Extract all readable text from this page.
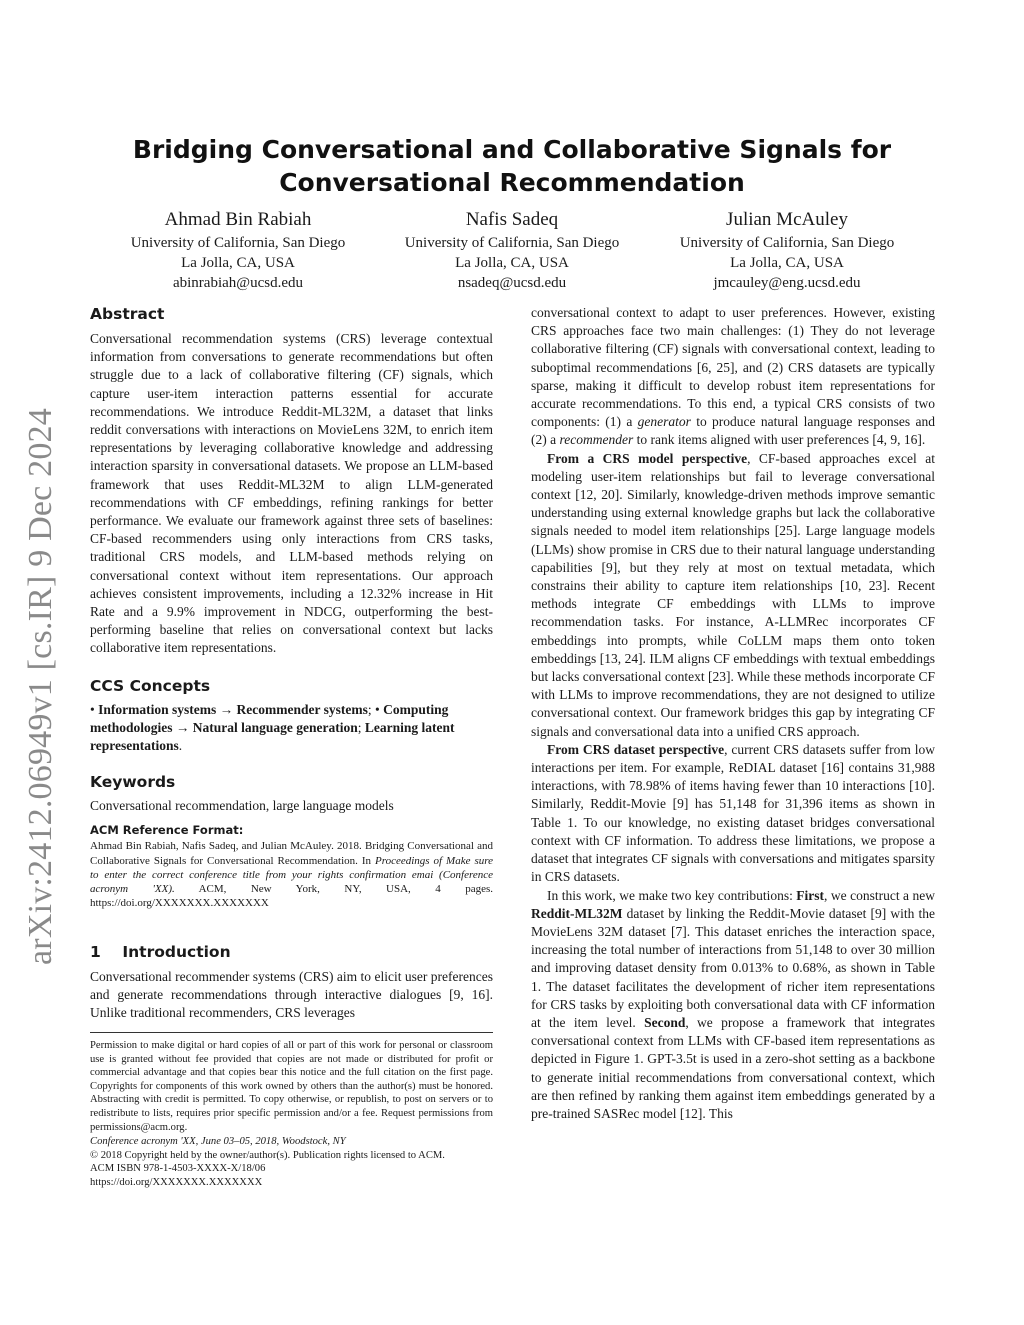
arXiv:2412.06949v1 [cs.IR] 9 Dec 2024
Bridging Conversational and Collaborative Signals for
Conversational Recommendation
Ahmad Bin Rabiah
University of California, San Diego
La Jolla, CA, USA
abinrabiah@ucsd.edu
Nafis Sadeq
University of California, San Diego
La Jolla, CA, USA
nsadeq@ucsd.edu
Julian McAuley
University of California, San Diego
La Jolla, CA, USA
jmcauley@eng.ucsd.edu
Abstract

Conversational recommendation systems (CRS) leverage contextual information from conversations to generate recommendations but often struggle due to a lack of collaborative filtering (CF) signals, which capture user-item interaction patterns essential for accurate recommendations. We introduce Reddit-ML32M, a dataset that links reddit conversations with interactions on MovieLens 32M, to enrich item representations by leveraging collaborative knowledge and addressing interaction sparsity in conversational datasets. We propose an LLM-based framework that uses Reddit-ML32M to align LLM-generated recommendations with CF embeddings, refining rankings for better performance. We evaluate our framework against three sets of baselines: CF-based recommenders using only interactions from CRS tasks, traditional CRS models, and LLM-based methods relying on conversational context without item representations. Our approach achieves consistent improvements, including a 12.32% increase in Hit Rate and a 9.9% improvement in NDCG, outperforming the best-performing baseline that relies on conversational context but lacks collaborative item representations.

CCS Concepts

• Information systems → Recommender systems; • Computing methodologies → Natural language generation; Learning latent representations.

Keywords

Conversational recommendation, large language models

ACM Reference Format:

Ahmad Bin Rabiah, Nafis Sadeq, and Julian McAuley. 2018. Bridging Conversational and Collaborative Signals for Conversational Recommendation. In Proceedings of Make sure to enter the correct conference title from your rights confirmation emai (Conference acronym 'XX). ACM, New York, NY, USA, 4 pages. https://doi.org/XXXXXXX.XXXXXXX

1    Introduction

Conversational recommender systems (CRS) aim to elicit user preferences and generate recommendations through interactive dialogues [9, 16]. Unlike traditional recommenders, CRS leverages

Permission to make digital or hard copies of all or part of this work for personal or classroom use is granted without fee provided that copies are not made or distributed for profit or commercial advantage and that copies bear this notice and the full citation on the first page. Copyrights for components of this work owned by others than the author(s) must be honored. Abstracting with credit is permitted. To copy otherwise, or republish, to post on servers or to redistribute to lists, requires prior specific permission and/or a fee. Request permissions from permissions@acm.org.

Conference acronym 'XX, June 03–05, 2018, Woodstock, NY

© 2018 Copyright held by the owner/author(s). Publication rights licensed to ACM.

ACM ISBN 978-1-4503-XXXX-X/18/06

https://doi.org/XXXXXXX.XXXXXXX

conversational context to adapt to user preferences. However, existing CRS approaches face two main challenges: (1) They do not leverage collaborative filtering (CF) signals with conversational context, leading to suboptimal recommendations [6, 25], and (2) CRS datasets are typically sparse, making it difficult to develop robust item representations for accurate recommendations. To this end, a typical CRS consists of two components: (1) a generator to produce natural language responses and (2) a recommender to rank items aligned with user preferences [4, 9, 16].

From a CRS model perspective, CF-based approaches excel at modeling user-item relationships but fail to leverage conversational context [12, 20]. Similarly, knowledge-driven methods improve semantic understanding using external knowledge graphs but lack the collaborative signals needed to model item relationships [25]. Large language models (LLMs) show promise in CRS due to their natural language understanding capabilities [9], but they rely at most on textual metadata, which constrains their ability to capture item relationships [10, 23]. Recent methods integrate CF embeddings with LLMs to improve recommendation tasks. For instance, A-LLMRec incorporates CF embeddings into prompts, while CoLLM maps them onto token embeddings [13, 24]. ILM aligns CF embeddings with textual embeddings but lacks conversational context [23]. While these methods incorporate CF with LLMs to improve recommendations, they are not designed to utilize conversational context. Our framework bridges this gap by integrating CF signals and conversational data into a unified CRS approach.

From CRS dataset perspective, current CRS datasets suffer from low interactions per item. For example, ReDIAL dataset [16] contains 31,988 interactions, with 78.98% of items having fewer than 10 interactions [10]. Similarly, Reddit-Movie [9] has 51,148 for 31,396 items as shown in Table 1. To our knowledge, no existing dataset bridges conversational context with CF information. To address these limitations, we propose a dataset that integrates CF signals with conversations and mitigates sparsity in CRS datasets.

In this work, we make two key contributions: First, we construct a new Reddit-ML32M dataset by linking the Reddit-Movie dataset [9] with the MovieLens 32M dataset [7]. This dataset enriches the interaction space, increasing the total number of interactions from 51,148 to over 30 million and improving dataset density from 0.013% to 0.68%, as shown in Table 1. The dataset facilitates the development of richer item representations for CRS tasks by exploiting both conversational data with CF information at the item level. Second, we propose a framework that integrates conversational context from LLMs with CF-based item representations as depicted in Figure 1. GPT-3.5t is used in a zero-shot setting as a backbone to generate initial recommendations from conversational context, which are then refined by ranking them against item embeddings generated by a pre-trained SASRec model [12]. This
